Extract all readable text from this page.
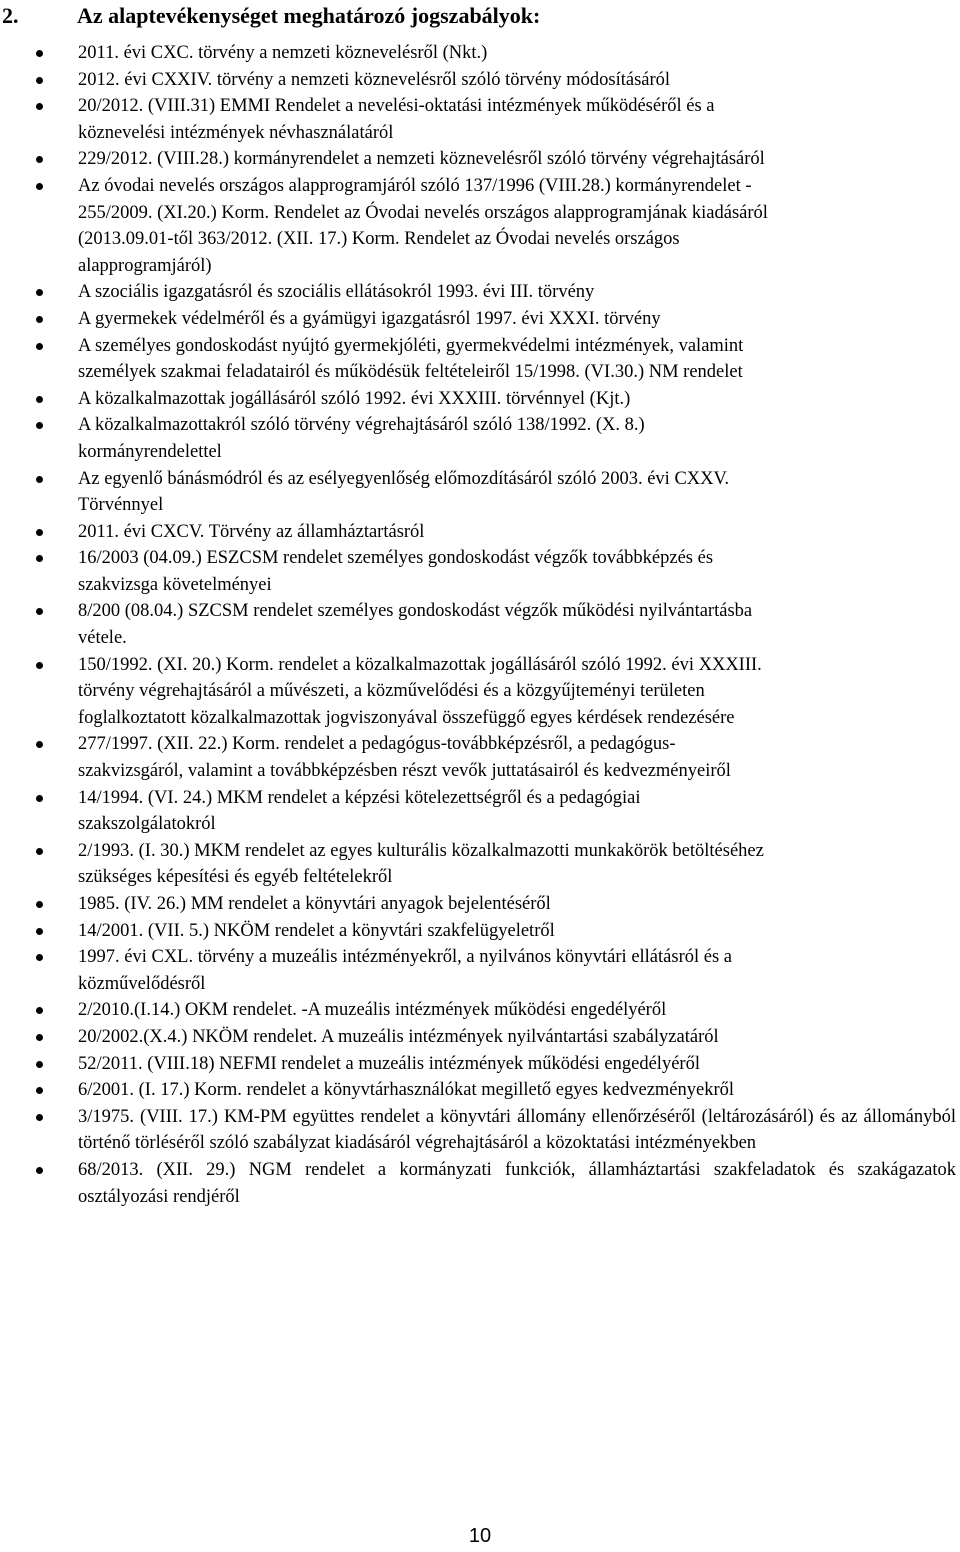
2.	Az alaptevékenységet meghatározó jogszabályok:
2011. évi CXC. törvény a nemzeti köznevelésről (Nkt.)
2012. évi CXXIV. törvény a nemzeti köznevelésről szóló törvény módosításáról
20/2012. (VIII.31) EMMI Rendelet a nevelési-oktatási intézmények működéséről és a
köznevelési intézmények névhasználatáról
229/2012. (VIII.28.) kormányrendelet a nemzeti köznevelésről szóló törvény végrehajtásáról
Az óvodai nevelés országos alapprogramjáról szóló 137/1996 (VIII.28.) kormányrendelet -
255/2009. (XI.20.) Korm. Rendelet az Óvodai nevelés országos alapprogramjának kiadásáról
(2013.09.01-től 363/2012. (XII. 17.) Korm. Rendelet az Óvodai nevelés országos
alapprogramjáról)
A szociális igazgatásról és szociális ellátásokról 1993. évi III. törvény
A gyermekek védelméről és a gyámügyi igazgatásról 1997. évi XXXI. törvény
A személyes gondoskodást nyújtó gyermekjóléti, gyermekvédelmi intézmények, valamint
személyek szakmai feladatairól és működésük feltételeiről 15/1998. (VI.30.) NM rendelet
A közalkalmazottak jogállásáról szóló 1992. évi XXXIII. törvénnyel (Kjt.)
A közalkalmazottakról szóló törvény végrehajtásáról szóló 138/1992. (X. 8.)
kormányrendelettel
Az egyenlő bánásmódról és az esélyegyenlőség előmozdításáról szóló 2003. évi CXXV.
Törvénnyel
2011. évi CXCV. Törvény az államháztartásról
16/2003 (04.09.) ESZCSM rendelet személyes gondoskodást végzők továbbképzés és
szakvizsga követelményei
8/200 (08.04.) SZCSM rendelet személyes gondoskodást végzők működési nyilvántartásba
vétele.
150/1992. (XI. 20.) Korm. rendelet a közalkalmazottak jogállásáról szóló 1992. évi XXXIII.
törvény végrehajtásáról a művészeti, a közművelődési és a közgyűjteményi területen
foglalkoztatott közalkalmazottak jogviszonyával összefüggő egyes kérdések rendezésére
277/1997. (XII. 22.) Korm. rendelet a pedagógus-továbbképzésről, a pedagógus-
szakvizsgáról, valamint a továbbképzésben részt vevők juttatásairól és kedvezményeiről
14/1994. (VI. 24.) MKM rendelet a képzési kötelezettségről és a pedagógiai
szakszolgálatokról
2/1993. (I. 30.) MKM rendelet az egyes kulturális közalkalmazotti munkakörök betöltéséhez
szükséges képesítési és egyéb feltételekről
1985. (IV. 26.) MM rendelet a könyvtári anyagok bejelentéséről
14/2001. (VII. 5.) NKÖM rendelet a könyvtári szakfelügyeletről
1997. évi CXL. törvény a muzeális intézményekről, a nyilvános könyvtári ellátásról és a
közművelődésről
2/2010.(I.14.) OKM rendelet. -A muzeális intézmények működési engedélyéről
20/2002.(X.4.) NKÖM rendelet. A muzeális intézmények nyilvántartási szabályzatáról
52/2011. (VIII.18) NEFMI rendelet a muzeális intézmények működési engedélyéről
6/2001. (I. 17.) Korm. rendelet a könyvtárhasználókat megillető egyes kedvezményekről
3/1975. (VIII. 17.) KM-PM együttes rendelet a könyvtári állomány ellenőrzéséről (leltározásáról) és az állományból történő törléséről szóló szabályzat kiadásáról végrehajtásáról a közoktatási intézményekben
68/2013. (XII. 29.) NGM rendelet a kormányzati funkciók, államháztartási szakfeladatok és szakágazatok osztályozási rendjéről
10
